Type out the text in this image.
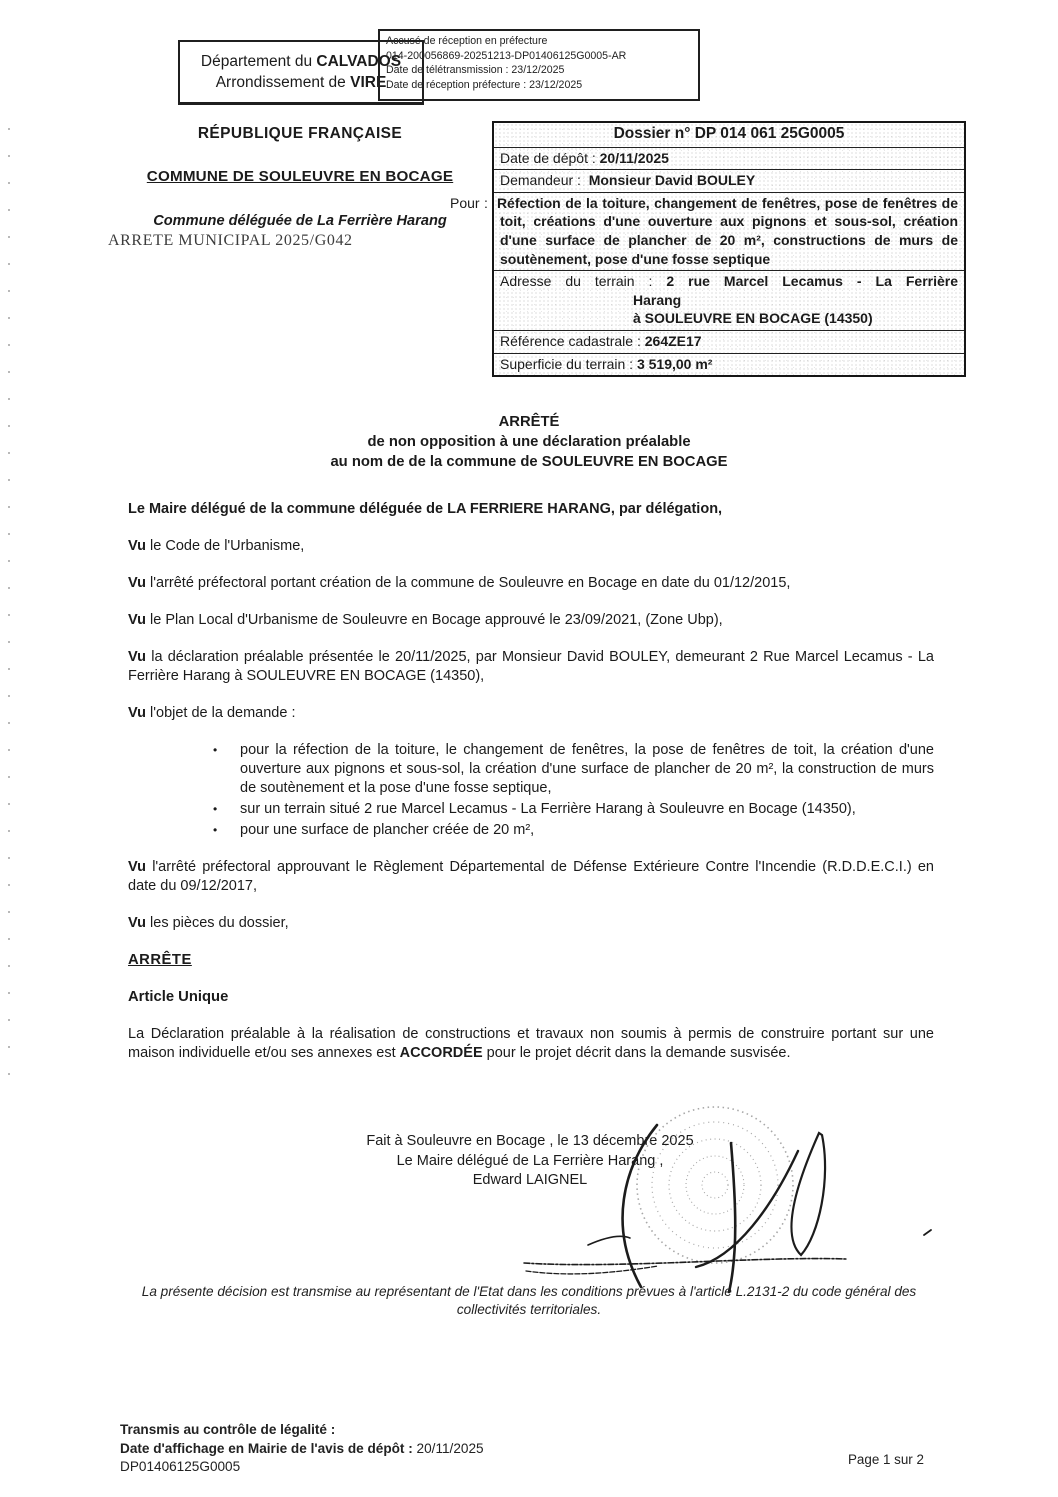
Département du CALVADOS
Arrondissement de VIRE
Accusé de réception en préfecture
014-200056869-20251213-DP01406125G0005-AR
Date de télétransmission : 23/12/2025
Date de réception préfecture : 23/12/2025
RÉPUBLIQUE FRANÇAISE
COMMUNE DE SOULEUVRE EN BOCAGE
Commune déléguée de La Ferrière Harang
ARRETE MUNICIPAL 2025/G042
Dossier n° DP 014 061 25G0005
Date de dépôt : 20/11/2025
Demandeur : Monsieur David BOULEY
Pour : Réfection de la toiture, changement de fenêtres, pose de fenêtres de toit, créations d'une ouverture aux pignons et sous-sol, création d'une surface de plancher de 20 m², constructions de murs de soutènement, pose d'une fosse septique
Adresse du terrain : 2 rue Marcel Lecamus - La Ferrière
Harang
à SOULEUVRE EN BOCAGE (14350)
Référence cadastrale : 264ZE17
Superficie du terrain : 3 519,00 m²
ARRÊTÉ
de non opposition à une déclaration préalable
au nom de de la commune de SOULEUVRE EN BOCAGE

Le Maire délégué de la commune déléguée de LA FERRIERE HARANG, par délégation,

Vu le Code de l'Urbanisme,

Vu l'arrêté préfectoral portant création de la commune de Souleuvre en Bocage en date du 01/12/2015,

Vu le Plan Local d'Urbanisme de Souleuvre en Bocage approuvé le 23/09/2021, (Zone Ubp),

Vu la déclaration préalable présentée le 20/11/2025, par Monsieur David BOULEY, demeurant 2 Rue Marcel Lecamus - La Ferrière Harang à SOULEUVRE EN BOCAGE (14350),

Vu l'objet de la demande :

• pour la réfection de la toiture, le changement de fenêtres, la pose de fenêtres de toit, la création d'une ouverture aux pignons et sous-sol, la création d'une surface de plancher de 20 m², la construction de murs de soutènement et la pose d'une fosse septique,
• sur un terrain situé 2 rue Marcel Lecamus - La Ferrière Harang à Souleuvre en Bocage (14350),
• pour une surface de plancher créée de 20 m²,

Vu l'arrêté préfectoral approuvant le Règlement Départemental de Défense Extérieure Contre l'Incendie (R.D.D.E.C.I.) en date du 09/12/2017,

Vu les pièces du dossier,

ARRÊTE

Article Unique

La Déclaration préalable à la réalisation de constructions et travaux non soumis à permis de construire portant sur une maison individuelle et/ou ses annexes est ACCORDÉE pour le projet décrit dans la demande susvisée.

Fait à Souleuvre en Bocage , le 13 décembre 2025
Le Maire délégué de La Ferrière Harang ,
Edward LAIGNEL
La présente décision est transmise au représentant de l'Etat dans les conditions prévues à l'article L.2131-2 du code général des collectivités territoriales.
Transmis au contrôle de légalité :
Date d'affichage en Mairie de l'avis de dépôt : 20/11/2025
DP01406125G0005	Page 1 sur 2
